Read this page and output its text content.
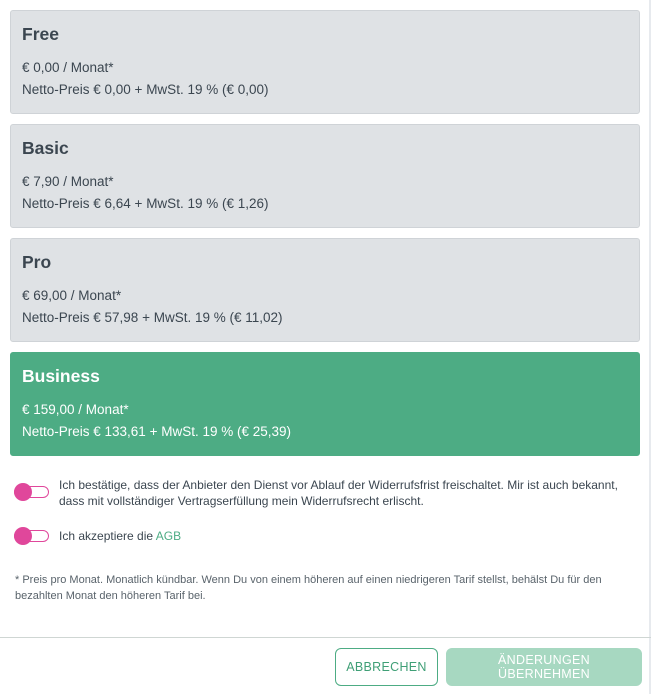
Free
€ 0,00 / Monat*
Netto-Preis € 0,00 + MwSt. 19 % (€ 0,00)
Basic
€ 7,90 / Monat*
Netto-Preis € 6,64 + MwSt. 19 % (€ 1,26)
Pro
€ 69,00 / Monat*
Netto-Preis € 57,98 + MwSt. 19 % (€ 11,02)
Business
€ 159,00 / Monat*
Netto-Preis € 133,61 + MwSt. 19 % (€ 25,39)
Ich bestätige, dass der Anbieter den Dienst vor Ablauf der Widerrufsfrist freischaltet. Mir ist auch bekannt, dass mit vollständiger Vertragserfüllung mein Widerrufsrecht erlischt.
Ich akzeptiere die AGB
* Preis pro Monat. Monatlich kündbar. Wenn Du von einem höheren auf einen niedrigeren Tarif stellst, behälst Du für den bezahlten Monat den höheren Tarif bei.
ABBRECHEN	ÄNDERUNGEN ÜBERNEHMEN
